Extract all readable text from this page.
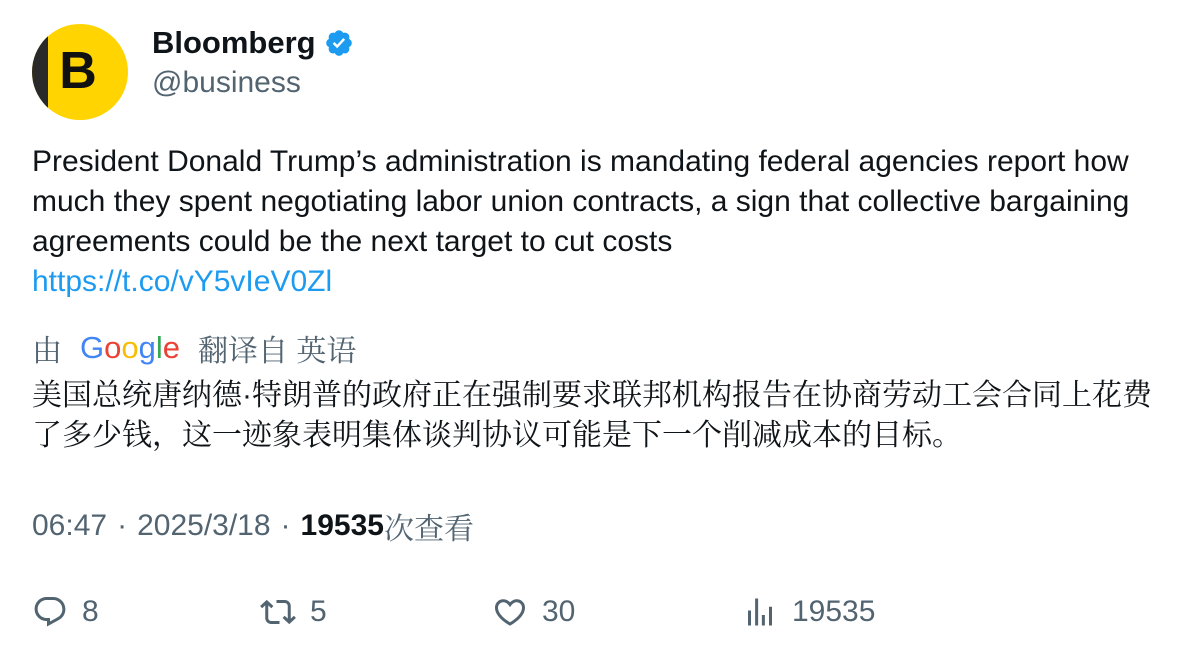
B	Bloomberg
@business
President Donald Trump’s administration is mandating federal agencies report how much they spent negotiating labor union contracts, a sign that collective bargaining agreements could be the next target to cut costs
https://t.co/vY5vIeV0Zl
由 Google 翻译自 英语
美国总统唐纳德·特朗普的政府正在强制要求联邦机构报告在协商劳动工会合同上花费了多少钱，这一迹象表明集体谈判协议可能是下一个削减成本的目标。
06:47 · 2025/3/18 · 19535 次查看
8	5	30	19535
